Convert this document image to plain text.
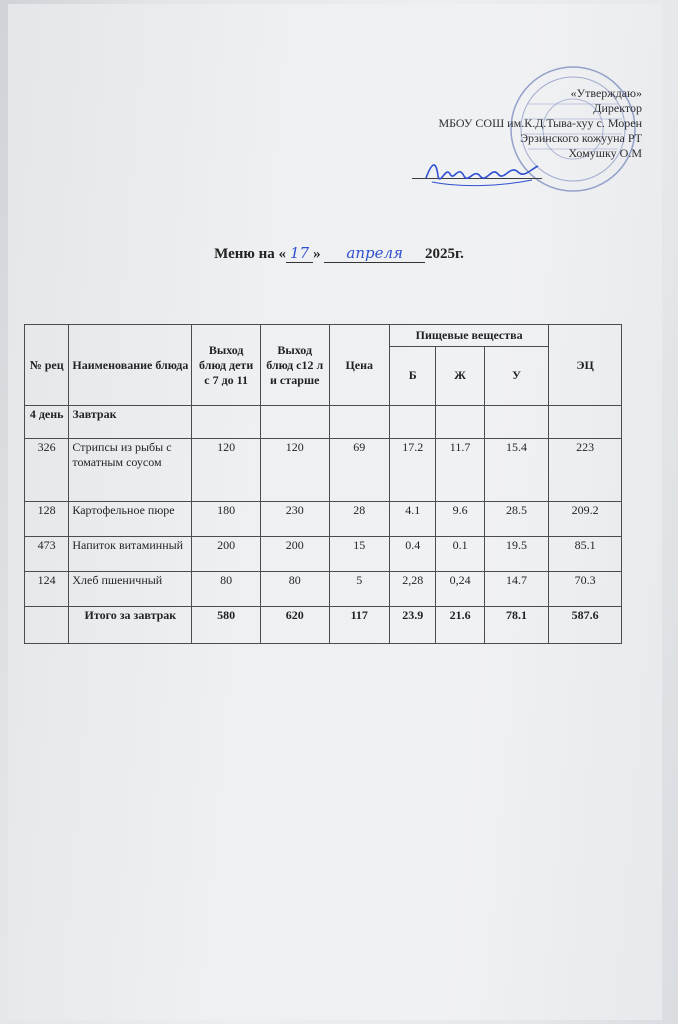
«Утверждаю»
Директор
МБОУ СОШ им.К.Д.Тыва-хуу с. Морен
Эрзинского кожууна РТ
Хомушку О.М
Меню на « 17 » апреля 2025г.
№ рец	Наименование блюда	Выход блюд дети с 7 до 11	Выход блюд с12 л и старше	Цена	Пищевые вещества			ЭЦ
					Б	Ж	У	
4 день	Завтрак							
326	Стрипсы из рыбы с томатным соусом	120	120	69	17.2	11.7	15.4	223
128	Картофельное пюре	180	230	28	4.1	9.6	28.5	209.2
473	Напиток витаминный	200	200	15	0.4	0.1	19.5	85.1
124	Хлеб пшеничный	80	80	5	2,28	0,24	14.7	70.3
	Итого за завтрак	580	620	117	23.9	21.6	78.1	587.6
